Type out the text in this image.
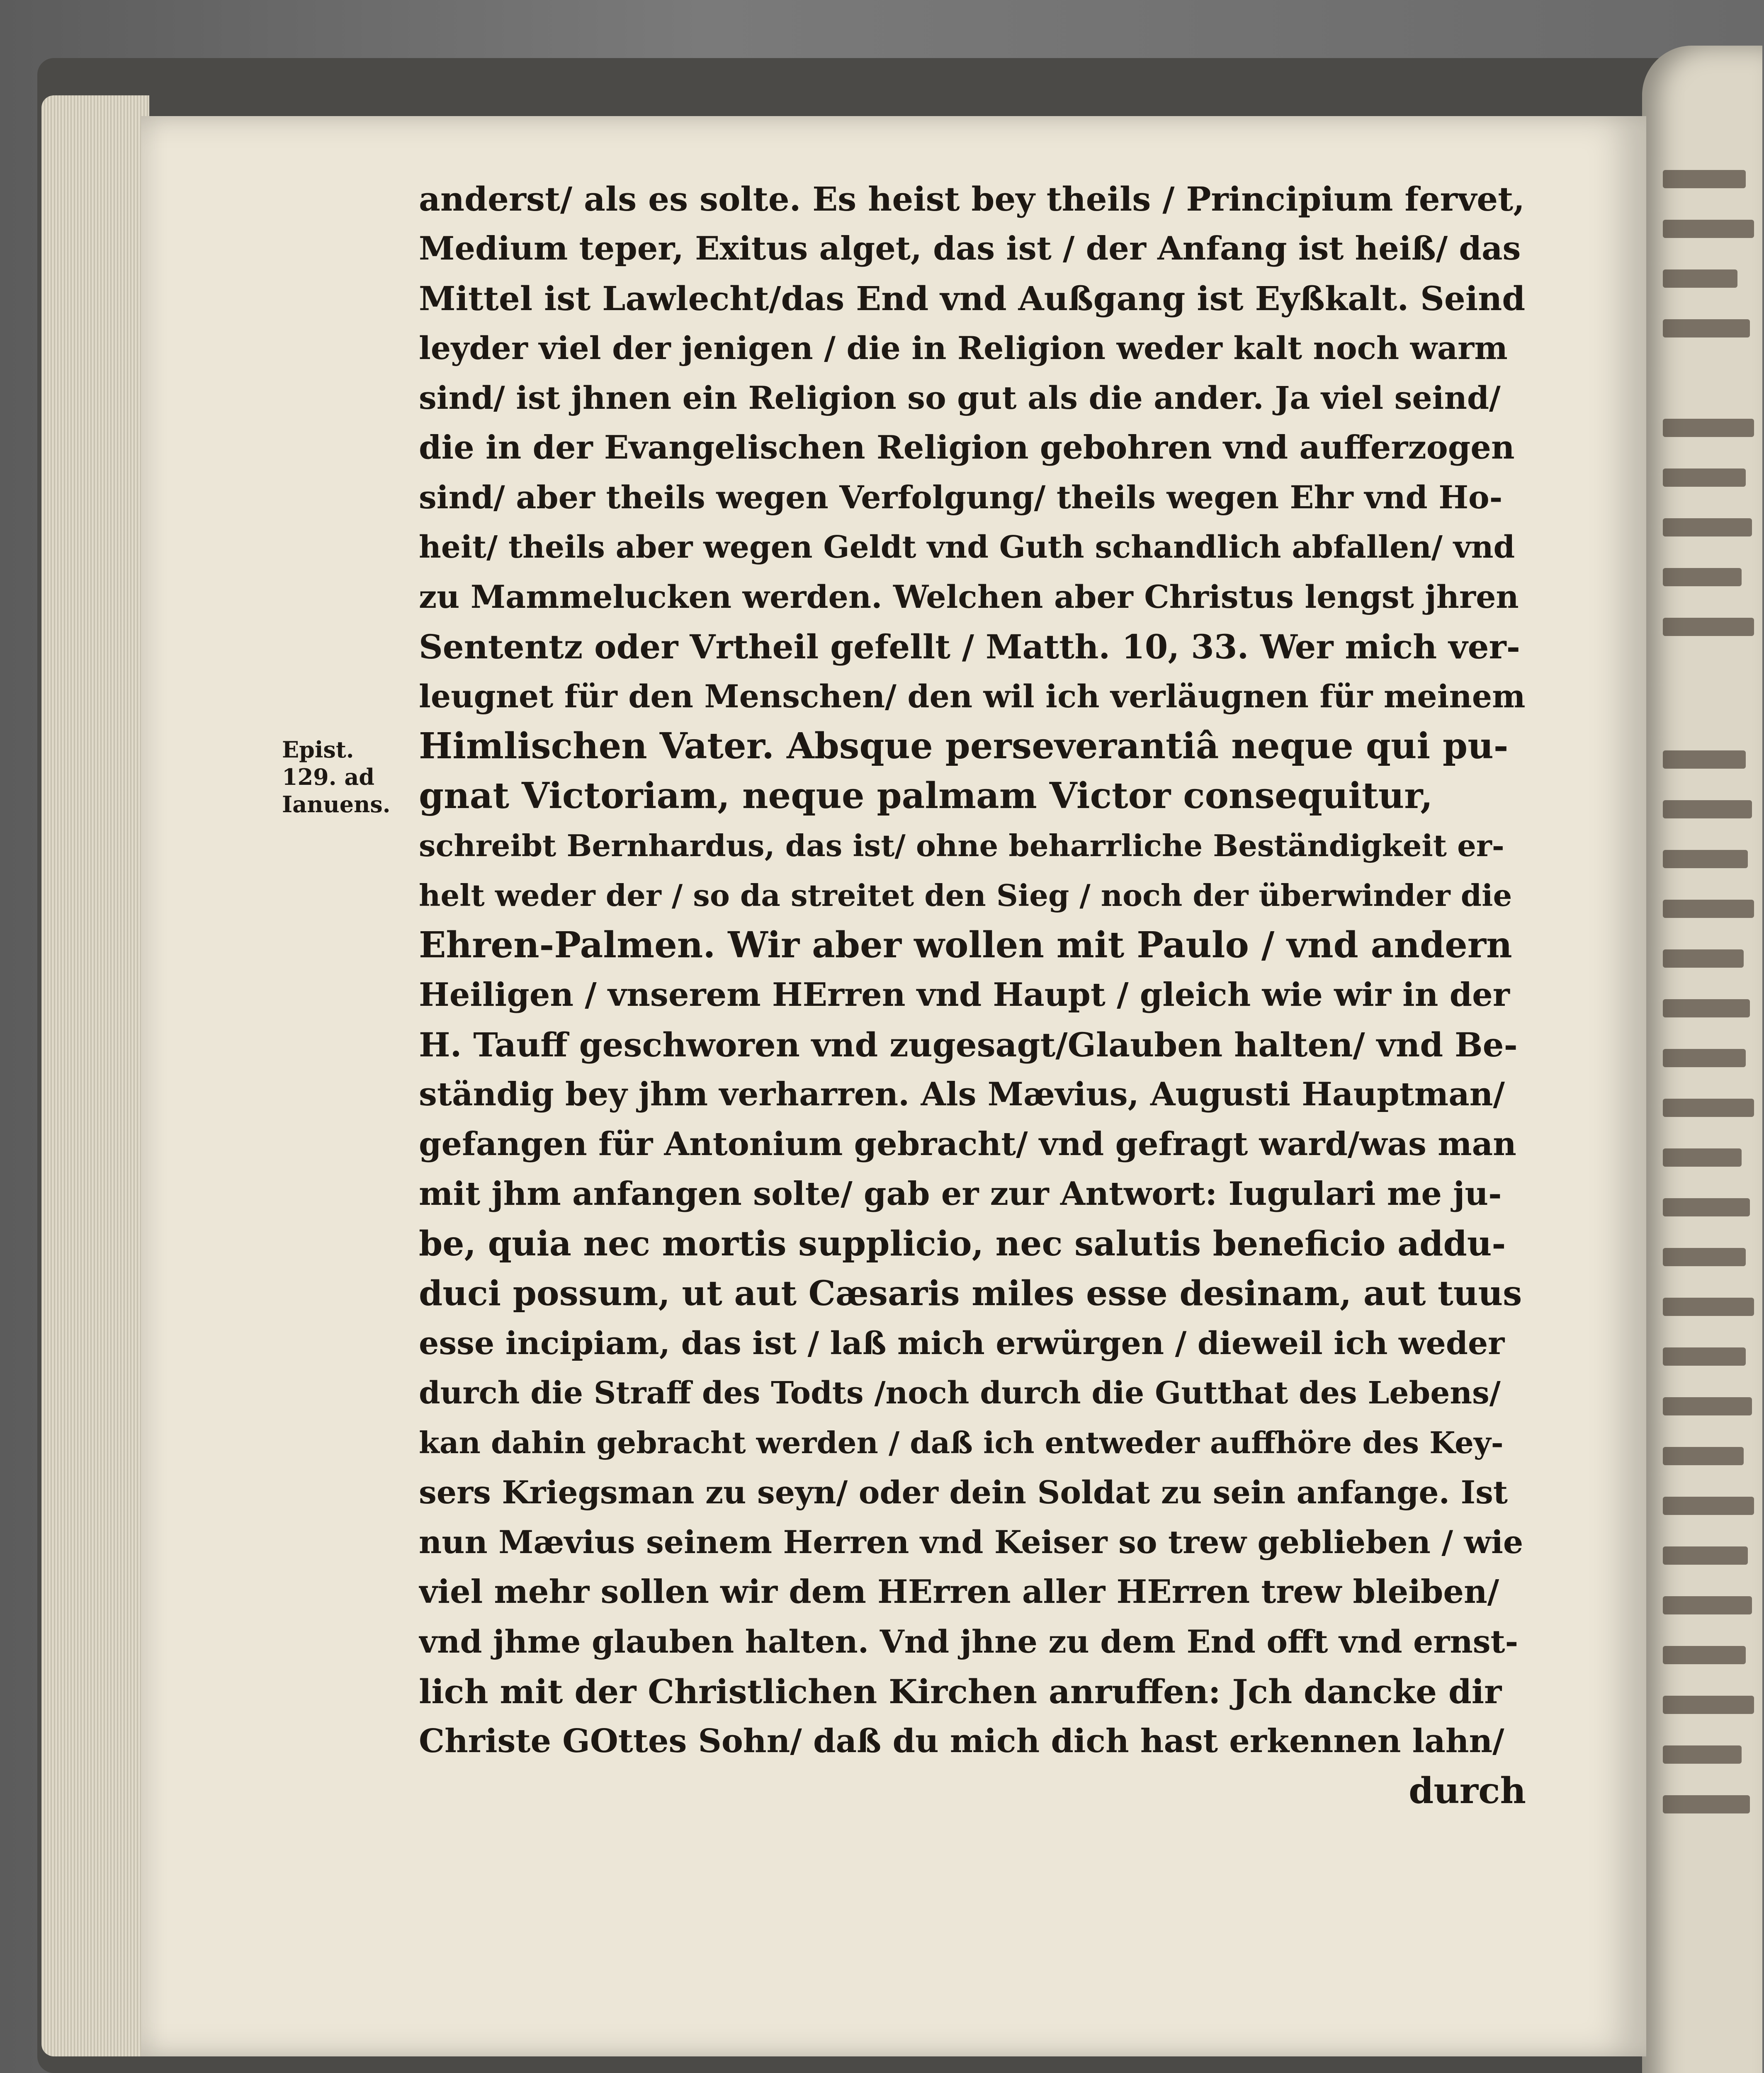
Epist.
129. ad
Ianuens.
anderst/ als es solte. Es heist bey theils / Principium fervet,
Medium teper, Exitus alget, das ist / der Anfang ist heiß/ das
Mittel ist Lawlecht/das End vnd Außgang ist Eyßkalt. Seind
leyder viel der jenigen / die in Religion weder kalt noch warm
sind/ ist jhnen ein Religion so gut als die ander. Ja viel seind/
die in der Evangelischen Religion gebohren vnd aufferzogen
sind/ aber theils wegen Verfolgung/ theils wegen Ehr vnd Ho-
heit/ theils aber wegen Geldt vnd Guth schandlich abfallen/ vnd
zu Mammelucken werden. Welchen aber Christus lengst jhren
Sententz oder Vrtheil gefellt / Matth. 10, 33. Wer mich ver-
leugnet für den Menschen/ den wil ich verläugnen für meinem
Himlischen Vater. Absque perseverantiâ neque qui pu-
gnat Victoriam, neque palmam Victor consequitur,
schreibt Bernhardus, das ist/ ohne beharrliche Beständigkeit er-
helt weder der / so da streitet den Sieg / noch der überwinder die
Ehren-Palmen. Wir aber wollen mit Paulo / vnd andern
Heiligen / vnserem HErren vnd Haupt / gleich wie wir in der
H. Tauff geschworen vnd zugesagt/Glauben halten/ vnd Be-
ständig bey jhm verharren. Als Mævius, Augusti Hauptman/
gefangen für Antonium gebracht/ vnd gefragt ward/was man
mit jhm anfangen solte/ gab er zur Antwort: Iugulari me ju-
be, quia nec mortis supplicio, nec salutis beneficio addu-
duci possum, ut aut Cæsaris miles esse desinam, aut tuus
esse incipiam, das ist / laß mich erwürgen / dieweil ich weder
durch die Straff des Todts /noch durch die Gutthat des Lebens/
kan dahin gebracht werden / daß ich entweder auffhöre des Key-
sers Kriegsman zu seyn/ oder dein Soldat zu sein anfange. Ist
nun Mævius seinem Herren vnd Keiser so trew geblieben / wie
viel mehr sollen wir dem HErren aller HErren trew bleiben/
vnd jhme glauben halten. Vnd jhne zu dem End offt vnd ernst-
lich mit der Christlichen Kirchen anruffen: Jch dancke dir
Christe GOttes Sohn/ daß du mich dich hast erkennen lahn/
durch
